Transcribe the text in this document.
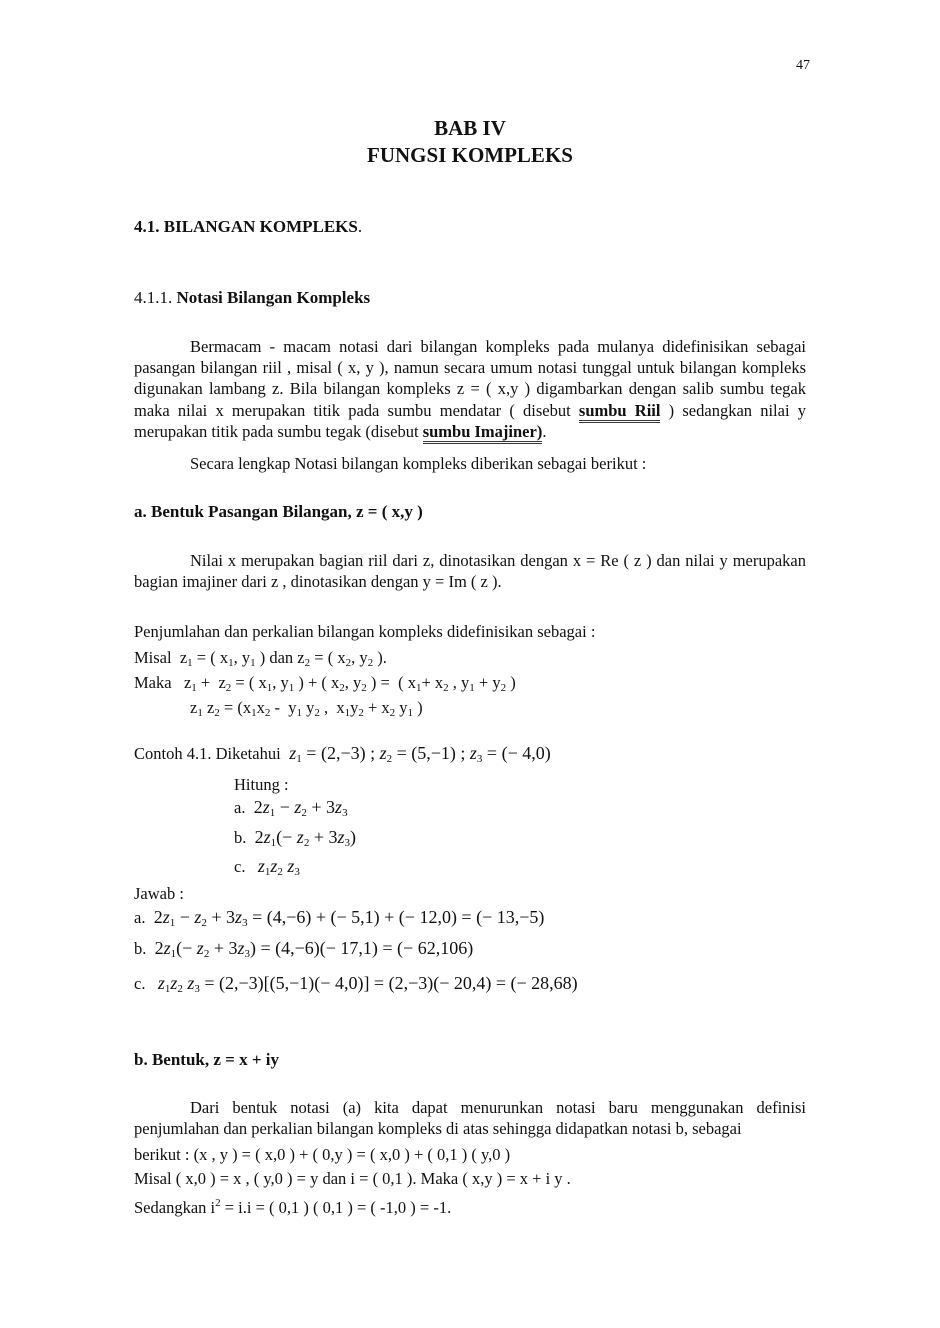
47
BAB IV
FUNGSI KOMPLEKS
4.1. BILANGAN KOMPLEKS.
4.1.1. Notasi Bilangan Kompleks

Bermacam - macam notasi dari bilangan kompleks pada mulanya didefinisikan sebagai pasangan bilangan riil , misal ( x, y ), namun secara umum notasi tunggal untuk bilangan kompleks digunakan lambang z. Bila bilangan kompleks z = ( x,y ) digambarkan dengan salib sumbu tegak maka nilai x merupakan titik pada sumbu mendatar ( disebut sumbu Riil ) sedangkan nilai y merupakan titik pada sumbu tegak (disebut sumbu Imajiner).

Secara lengkap Notasi bilangan kompleks diberikan sebagai berikut :

a. Bentuk Pasangan Bilangan, z = ( x,y )

Nilai x merupakan bagian riil dari z, dinotasikan dengan x = Re ( z ) dan nilai y merupakan bagian imajiner dari z , dinotasikan dengan y = Im ( z ).

Penjumlahan dan perkalian bilangan kompleks didefinisikan sebagai :
Misal  $z_1$ = ( $x_1$, $y_1$ ) dan $z_2$ = ( $x_2$, $y_2$ ).
Maka   $z_1 + z_2$ = ( $x_1$, $y_1$ ) + ( $x_2$, $y_2$ ) =  ( $x_1+ x_2$ , $y_1 + y_2$ )
$z_1$ $z_2 = (x_1x_2 - y_1$ $y_2$ ,  $x_1y_2 + x_2$ $y_1$ )
Contoh 4.1. Diketahui $z_1 = (2,-3)$ ; $z_2 = (5,-1)$ ; $z_3$ = (− 4,0)
Hitung :
a. $2z_1 - z_2 + 3z_3$
b. $2z_1(- z_2 + 3z_3)$
c. $z_1z_2$ $z_3$
Jawab :
a. $2z_1 - z_2 + 3z_3 = (4,-6)$ + (− 5,1) + (− 12,0) = (− 13,−5)
b. $2z_1(- z_2 + 3z_3) = (4,-6)(- 17,1)$ = (− 62,106)
c. $z_1z_2$ $z_3 = (2,-3)[(5,-1)(- 4,0)] = (2,-3)(- 20,4)$ = (− 28,68)
b. Bentuk, z = x + iy

Dari bentuk notasi (a) kita dapat menurunkan notasi baru menggunakan definisi penjumlahan dan perkalian bilangan kompleks di atas sehingga didapatkan notasi b, sebagai

berikut : (x , y ) = ( x,0 ) + ( 0,y ) = ( x,0 ) + ( 0,1 ) ( y,0 )
Misal ( x,0 ) = x , ( y,0 ) = y dan i = ( 0,1 ). Maka ( x,y ) = x + i y .
Sedangkan $i^2 = i.i$ = ( 0,1 ) ( 0,1 ) = ( -1,0 ) = -1.
